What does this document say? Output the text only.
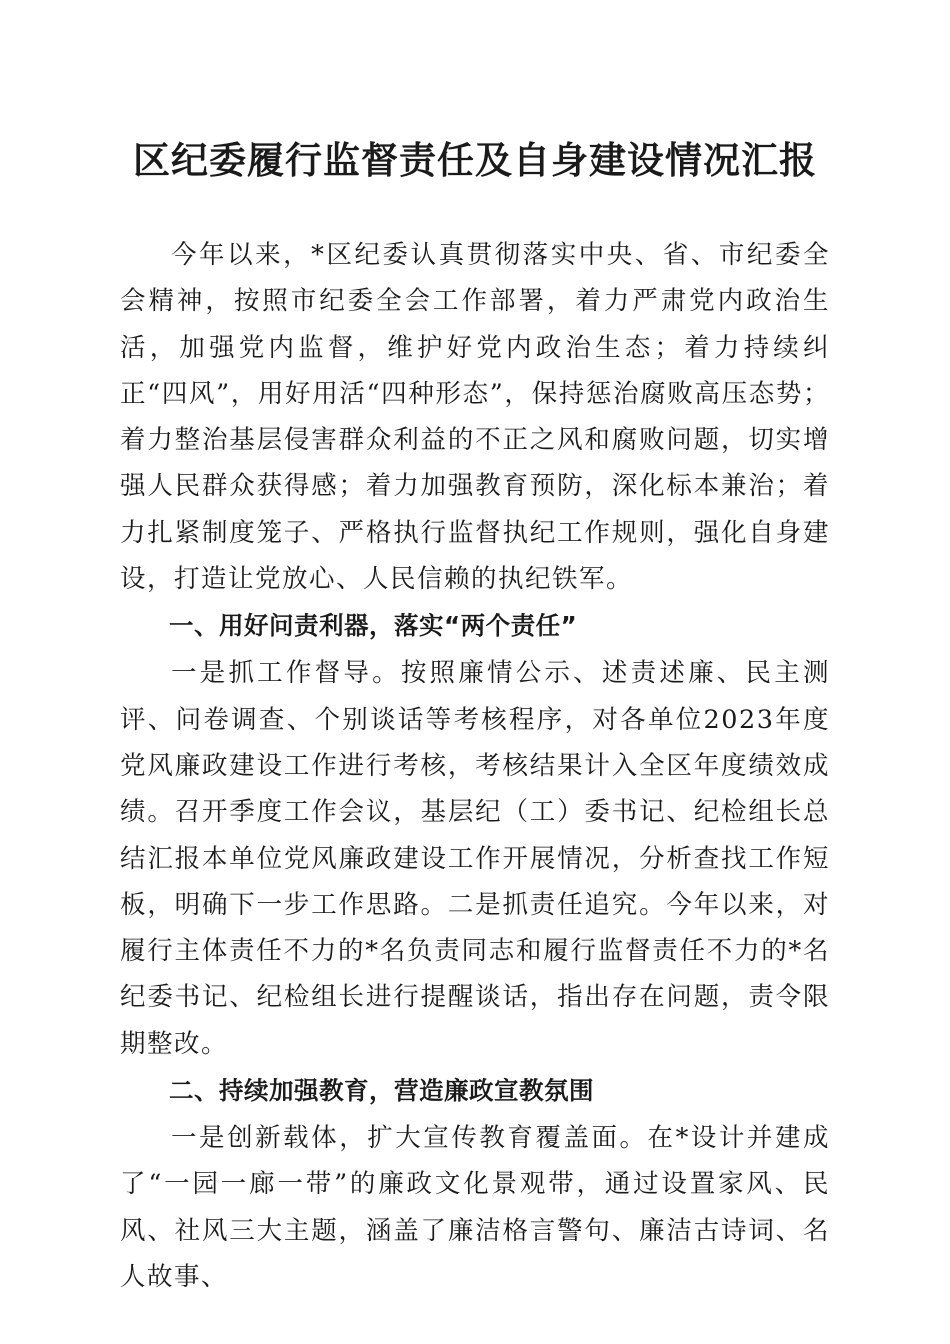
区纪委履行监督责任及自身建设情况汇报

今年以来，*区纪委认真贯彻落实中央、省、市纪委全会精神，按照市纪委全会工作部署，着力严肃党内政治生活，加强党内监督，维护好党内政治生态；着力持续纠正“四风”，用好用活“四种形态”，保持惩治腐败高压态势；着力整治基层侵害群众利益的不正之风和腐败问题，切实增强人民群众获得感；着力加强教育预防，深化标本兼治；着力扎紧制度笼子、严格执行监督执纪工作规则，强化自身建设，打造让党放心、人民信赖的执纪铁军。

一、用好问责利器，落实“两个责任”

一是抓工作督导。按照廉情公示、述责述廉、民主测评、问卷调查、个别谈话等考核程序，对各单位2023年度党风廉政建设工作进行考核，考核结果计入全区年度绩效成绩。召开季度工作会议，基层纪（工）委书记、纪检组长总结汇报本单位党风廉政建设工作开展情况，分析查找工作短板，明确下一步工作思路。二是抓责任追究。今年以来，对履行主体责任不力的*名负责同志和履行监督责任不力的*名纪委书记、纪检组长进行提醒谈话，指出存在问题，责令限期整改。

二、持续加强教育，营造廉政宣教氛围

一是创新载体，扩大宣传教育覆盖面。在*设计并建成了“一园一廊一带”的廉政文化景观带，通过设置家风、民风、社风三大主题，涵盖了廉洁格言警句、廉洁古诗词、名人故事、
